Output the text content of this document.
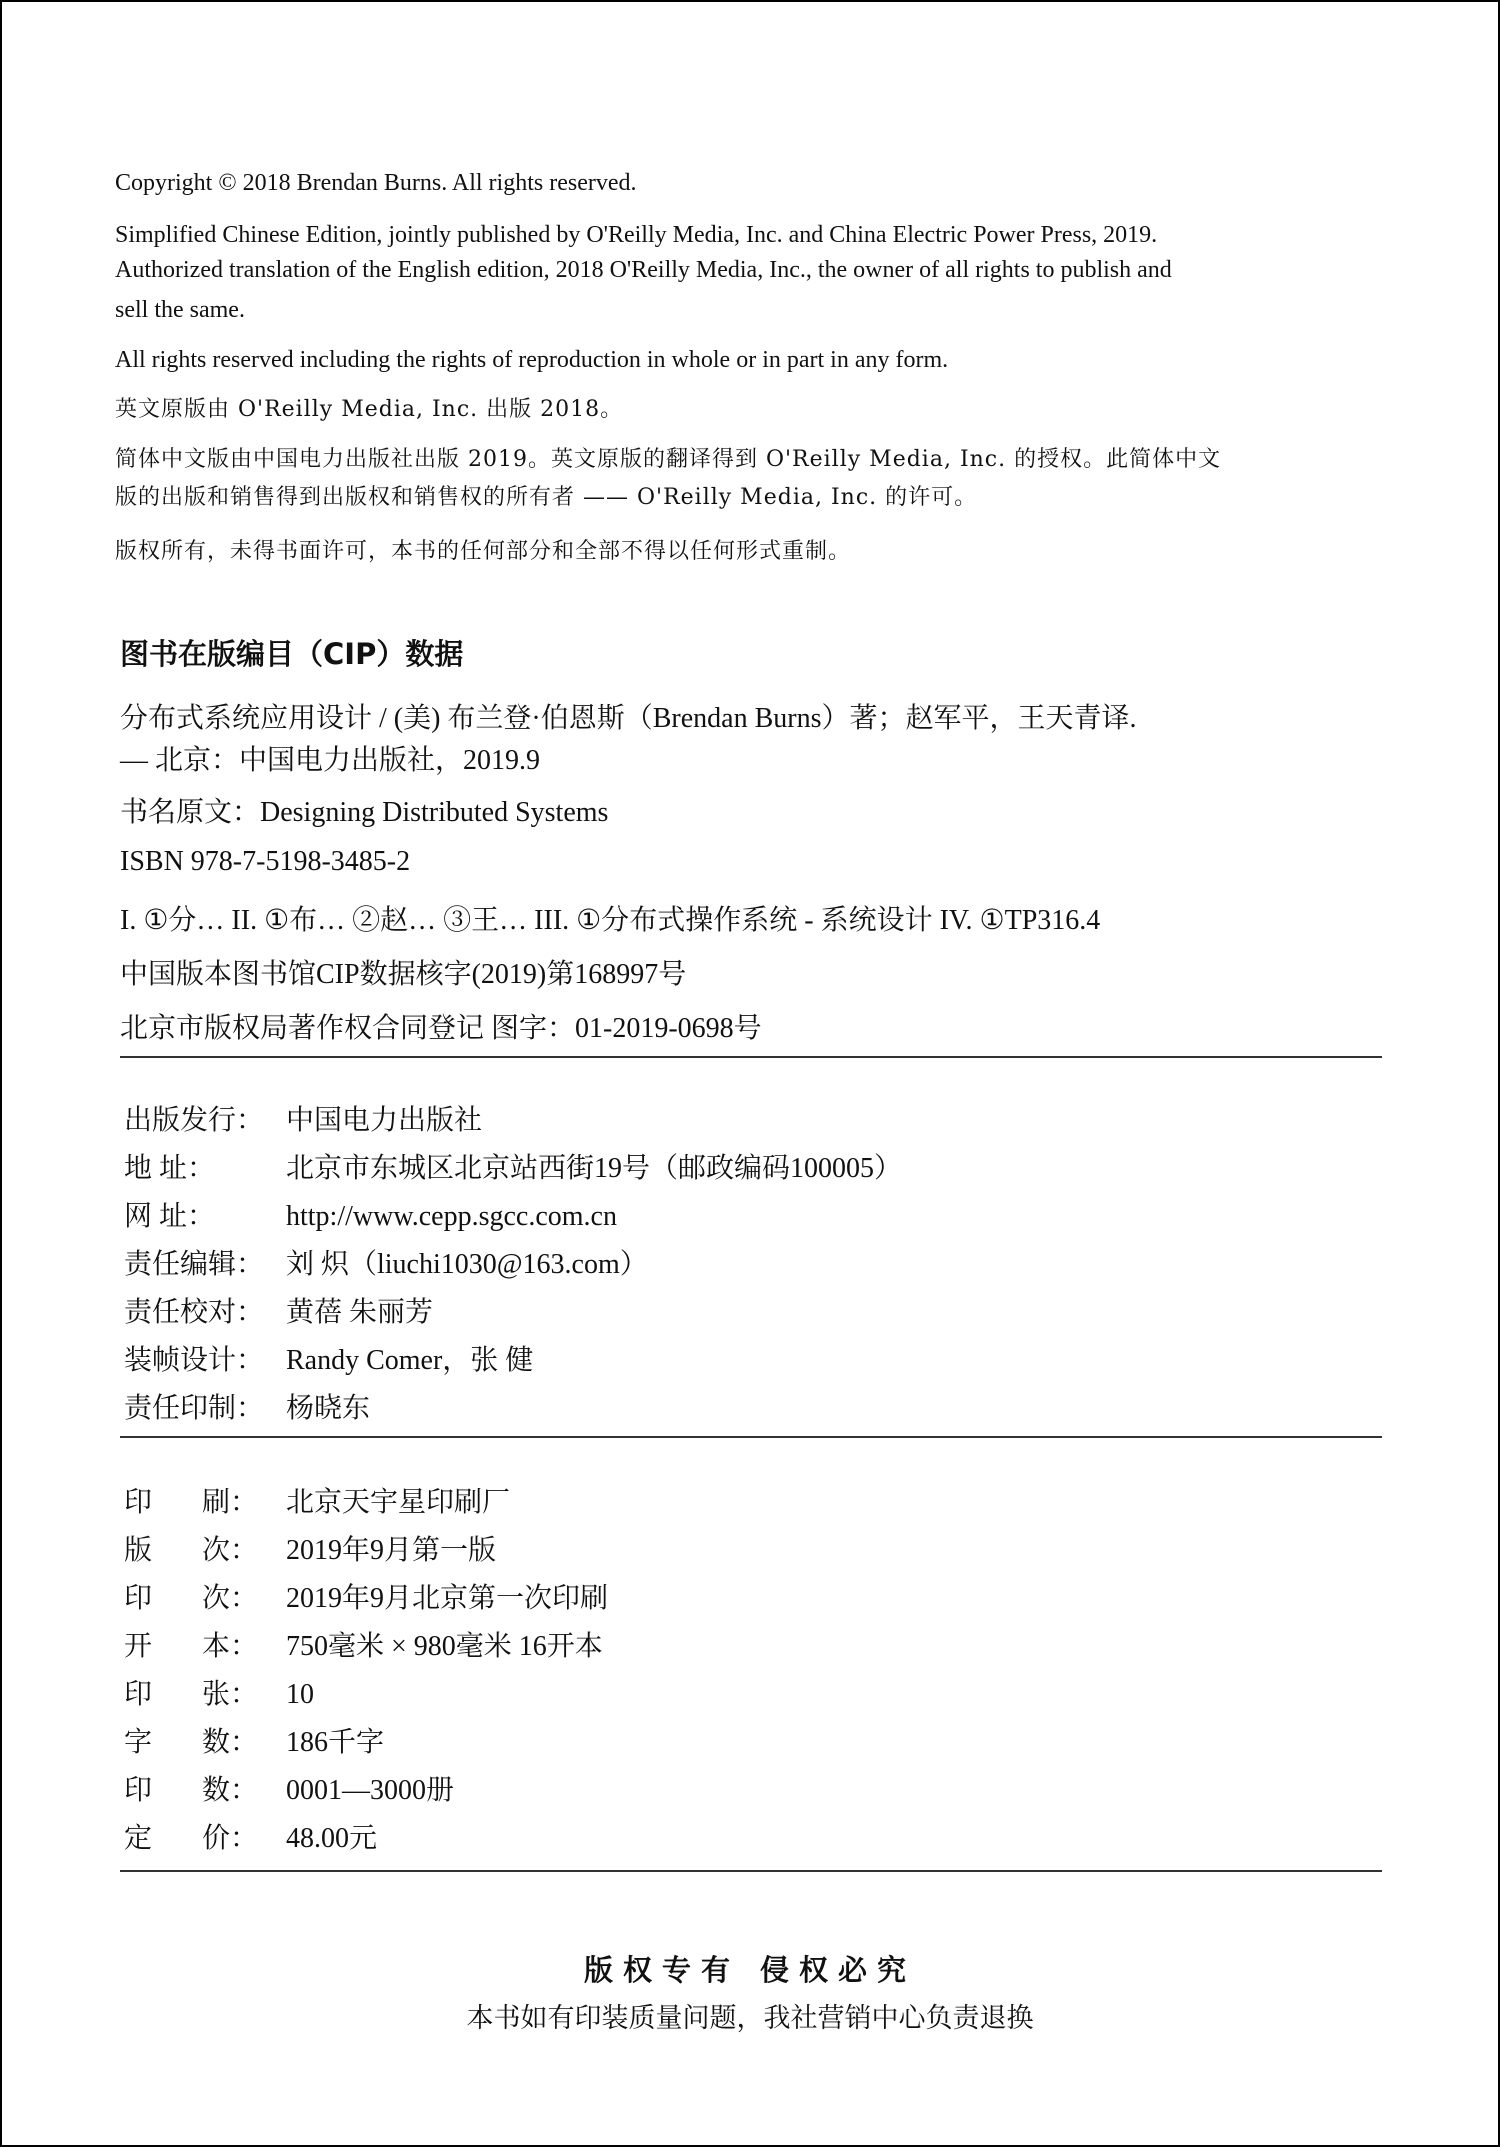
Copyright © 2018 Brendan Burns. All rights reserved.

Simplified Chinese Edition, jointly published by O'Reilly Media, Inc. and China Electric Power Press, 2019.

Authorized translation of the English edition, 2018 O'Reilly Media, Inc., the owner of all rights to publish and

sell the same.

All rights reserved including the rights of reproduction in whole or in part in any form.

英文原版由 O'Reilly Media, Inc. 出版 2018。

简体中文版由中国电力出版社出版 2019。英文原版的翻译得到 O'Reilly Media, Inc. 的授权。此简体中文

版的出版和销售得到出版权和销售权的所有者 —— O'Reilly Media, Inc. 的许可。

版权所有，未得书面许可，本书的任何部分和全部不得以任何形式重制。

图书在版编目（CIP）数据

分布式系统应用设计 / (美) 布兰登·伯恩斯（Brendan Burns）著；赵军平，王天青译.

— 北京：中国电力出版社，2019.9

书名原文：Designing Distributed Systems

ISBN 978-7-5198-3485-2

I. ①分… II. ①布… ②赵… ③王… III. ①分布式操作系统 - 系统设计 IV. ①TP316.4

中国版本图书馆CIP数据核字(2019)第168997号

北京市版权局著作权合同登记 图字：01-2019-0698号

出版发行： 中国电力出版社

地 址：	北京市东城区北京站西街19号（邮政编码100005）

网 址：	http://www.cepp.sgcc.com.cn

责任编辑： 刘 炽（liuchi1030@163.com）

责任校对： 黄蓓 朱丽芳

装帧设计： Randy Comer，张 健

责任印制： 杨晓东

印 刷： 北京天宇星印刷厂

版 次： 2019年9月第一版

印 次： 2019年9月北京第一次印刷

开 本： 750毫米 × 980毫米 16开本

印 张： 10

字 数： 186千字

印 数： 0001—3000册

定 价： 48.00元

版权专有 侵权必究

本书如有印装质量问题，我社营销中心负责退换
